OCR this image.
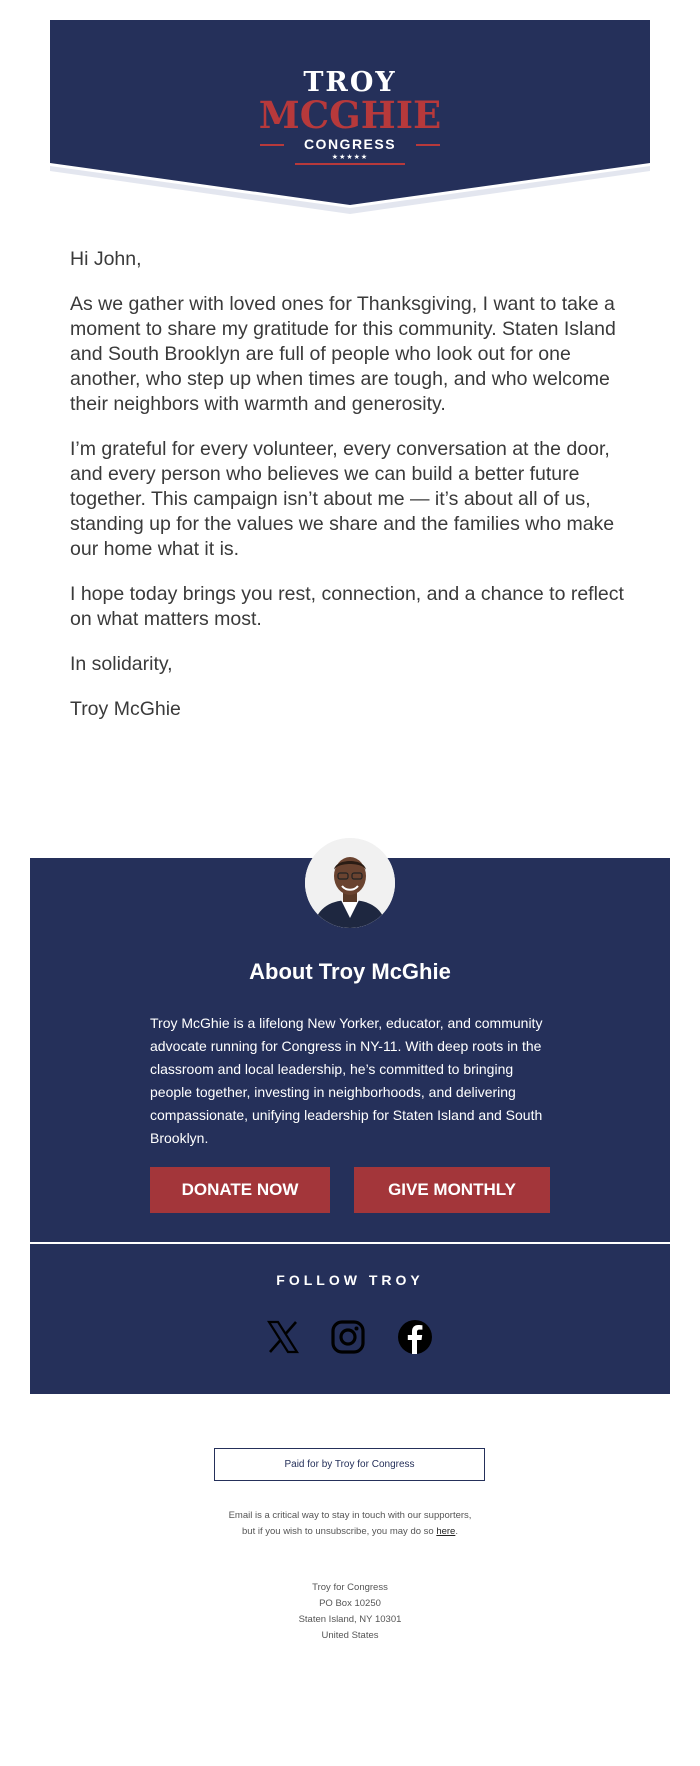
TROY
MCGHIE
CONGRESS
★★★★★

Hi John,

As we gather with loved ones for Thanksgiving, I want to take a moment to share my gratitude for this community. Staten Island and South Brooklyn are full of people who look out for one another, who step up when times are tough, and who welcome their neighbors with warmth and generosity.

I’m grateful for every volunteer, every conversation at the door, and every person who believes we can build a better future together. This campaign isn’t about me — it’s about all of us, standing up for the values we share and the families who make our home what it is.

I hope today brings you rest, connection, and a chance to reflect on what matters most.

In solidarity,

Troy McGhie

About Troy McGhie
Troy McGhie is a lifelong New Yorker, educator, and community advocate running for Congress in NY-11. With deep roots in the classroom and local leadership, he’s committed to bringing people together, investing in neighborhoods, and delivering compassionate, unifying leadership for Staten Island and South Brooklyn.
DONATE NOW	GIVE MONTHLY
FOLLOW TROY
Paid for by Troy for Congress
Email is a critical way to stay in touch with our supporters, but if you wish to unsubscribe, you may do so here.
Troy for Congress
PO Box 10250
Staten Island, NY 10301
United States
